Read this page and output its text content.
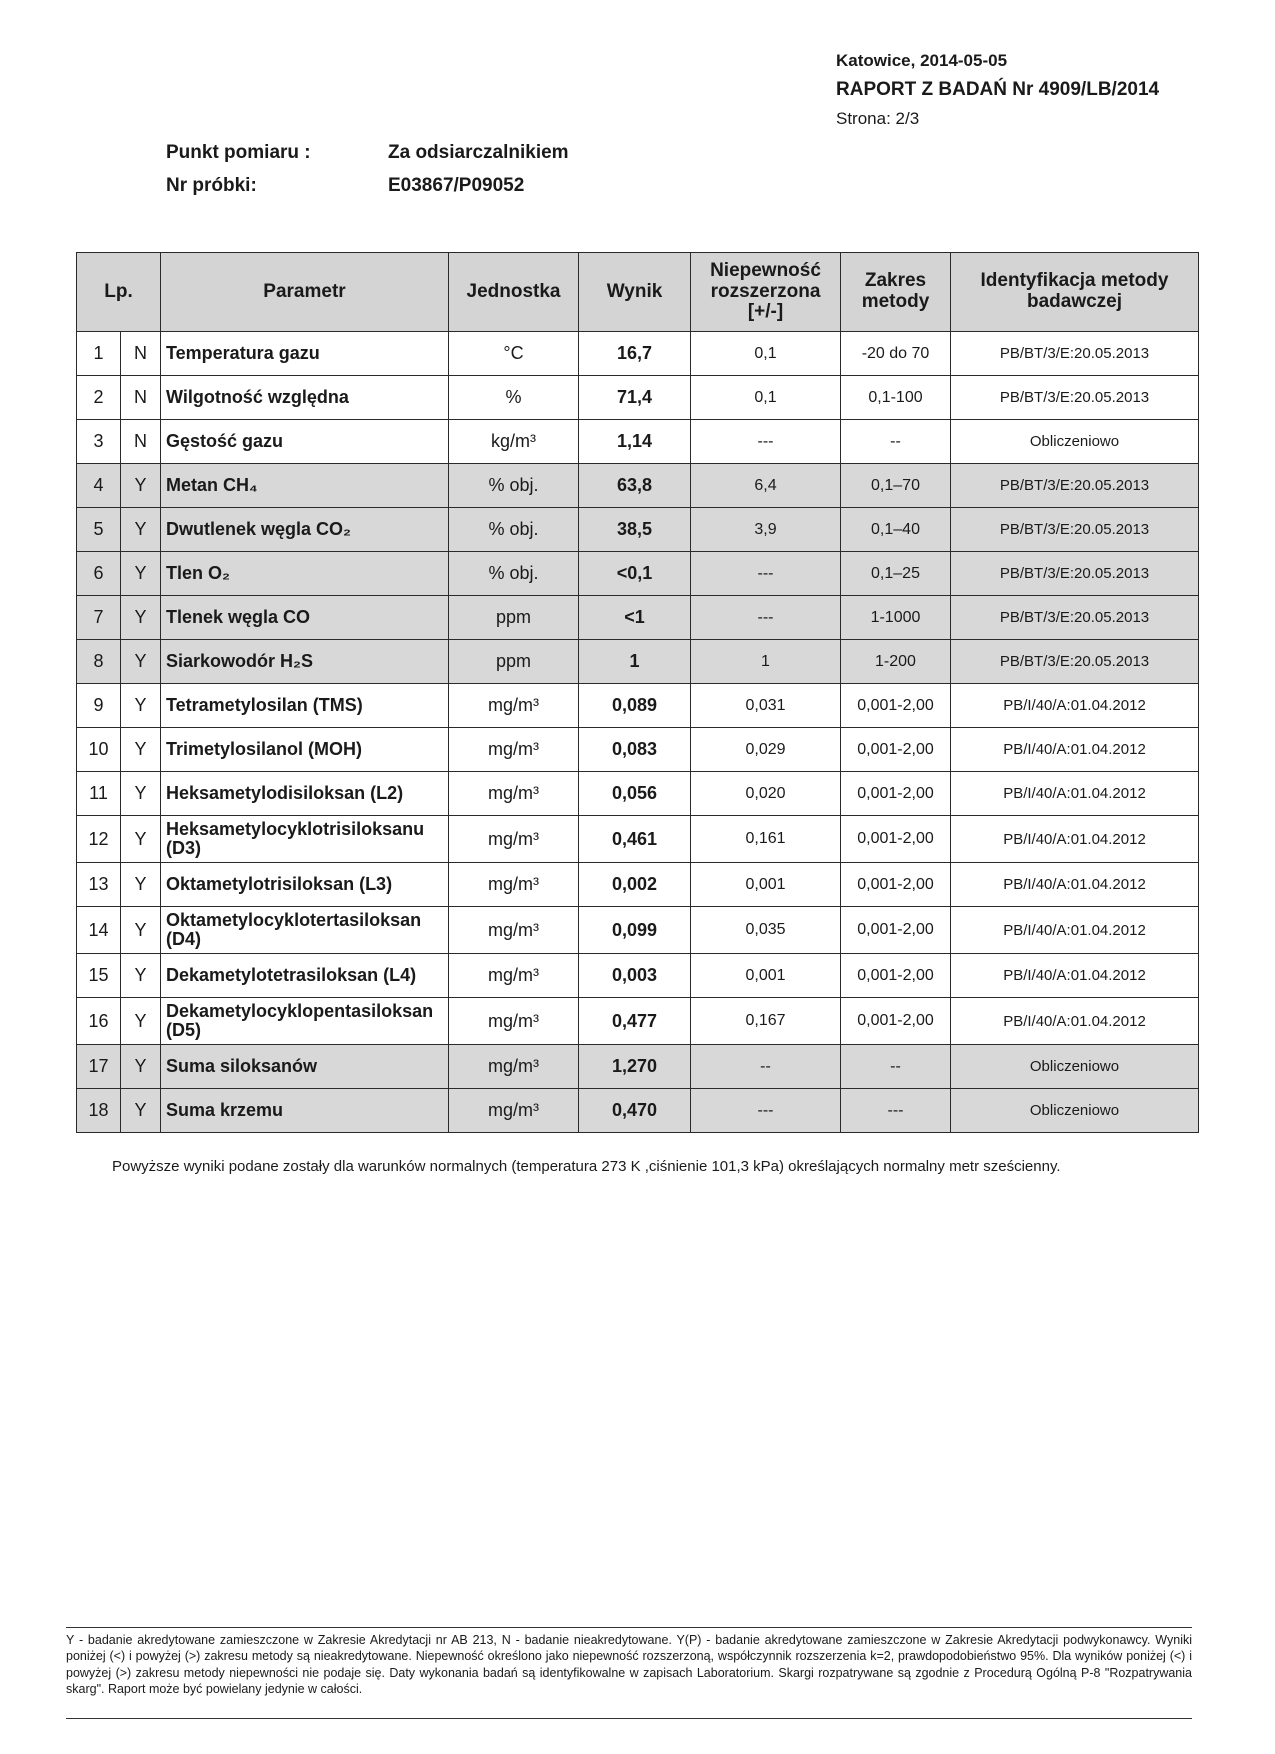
Katowice, 2014-05-05
RAPORT Z BADAŃ Nr 4909/LB/2014
Strona: 2/3
Punkt pomiaru :	Za odsiarczalnikiem
Nr próbki:	E03867/P09052
Lp.		Parametr	Jednostka	Wynik	Niepewność rozszerzona [+/-]	Zakres metody	Identyfikacja metody badawczej
1	N	Temperatura gazu	°C	16,7	0,1	-20 do 70	PB/BT/3/E:20.05.2013
2	N	Wilgotność względna	%	71,4	0,1	0,1-100	PB/BT/3/E:20.05.2013
3	N	Gęstość gazu	kg/m³	1,14	---	--	Obliczeniowo
4	Y	Metan CH₄	% obj.	63,8	6,4	0,1–70	PB/BT/3/E:20.05.2013
5	Y	Dwutlenek węgla CO₂	% obj.	38,5	3,9	0,1–40	PB/BT/3/E:20.05.2013
6	Y	Tlen O₂	% obj.	<0,1	---	0,1–25	PB/BT/3/E:20.05.2013
7	Y	Tlenek węgla CO	ppm	<1	---	1-1000	PB/BT/3/E:20.05.2013
8	Y	Siarkowodór H₂S	ppm	1	1	1-200	PB/BT/3/E:20.05.2013
9	Y	Tetrametylosilan (TMS)	mg/m³	0,089	0,031	0,001-2,00	PB/I/40/A:01.04.2012
10	Y	Trimetylosilanol (MOH)	mg/m³	0,083	0,029	0,001-2,00	PB/I/40/A:01.04.2012
11	Y	Heksametylodisiloksan (L2)	mg/m³	0,056	0,020	0,001-2,00	PB/I/40/A:01.04.2012
12	Y	Heksametylocyklotrisiloksanu (D3)	mg/m³	0,461	0,161	0,001-2,00	PB/I/40/A:01.04.2012
13	Y	Oktametylotrisiloksan (L3)	mg/m³	0,002	0,001	0,001-2,00	PB/I/40/A:01.04.2012
14	Y	Oktametylocyklotertasiloksan (D4)	mg/m³	0,099	0,035	0,001-2,00	PB/I/40/A:01.04.2012
15	Y	Dekametylotetrasiloksan (L4)	mg/m³	0,003	0,001	0,001-2,00	PB/I/40/A:01.04.2012
16	Y	Dekametylocyklopentasiloksan (D5)	mg/m³	0,477	0,167	0,001-2,00	PB/I/40/A:01.04.2012
17	Y	Suma siloksanów	mg/m³	1,270	--	--	Obliczeniowo
18	Y	Suma krzemu	mg/m³	0,470	---	---	Obliczeniowo
Powyższe wyniki podane zostały dla warunków normalnych (temperatura 273 K ,ciśnienie 101,3 kPa) określających normalny metr sześcienny.
Y - badanie akredytowane zamieszczone w Zakresie Akredytacji nr AB 213, N - badanie nieakredytowane. Y(P) - badanie akredytowane zamieszczone w Zakresie Akredytacji podwykonawcy. Wyniki poniżej (<) i powyżej (>) zakresu metody są nieakredytowane. Niepewność określono jako niepewność rozszerzoną, współczynnik rozszerzenia k=2, prawdopodobieństwo 95%. Dla wyników poniżej (<) i powyżej (>) zakresu metody niepewności nie podaje się. Daty wykonania badań są identyfikowalne w zapisach Laboratorium. Skargi rozpatrywane są zgodnie z Procedurą Ogólną P-8 "Rozpatrywania skarg". Raport może być powielany jedynie w całości.
